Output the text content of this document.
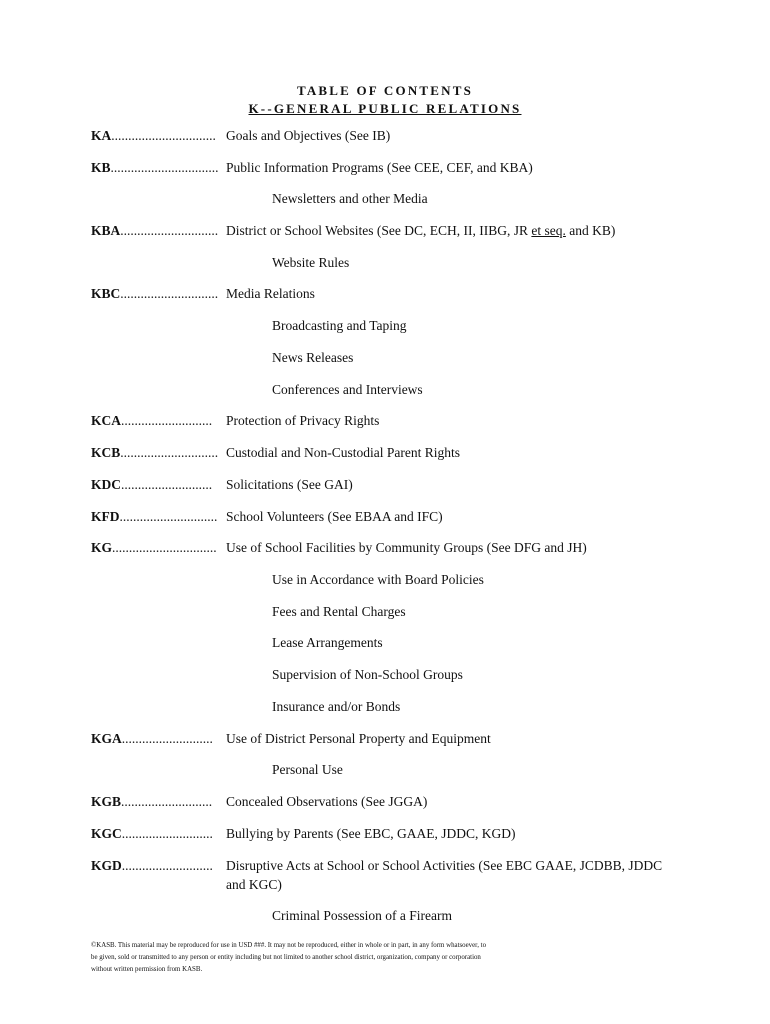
TABLE OF CONTENTS
K--GENERAL PUBLIC RELATIONS
KA............................... Goals and Objectives (See IB)
KB................................ Public Information Programs (See CEE, CEF, and KBA)
Newsletters and other Media
KBA............................. District or School Websites (See DC, ECH, II, IIBG, JR et seq. and KB)
Website Rules
KBC............................. Media Relations
Broadcasting and Taping
News Releases
Conferences and Interviews
KCA...........................	Protection of Privacy Rights
KCB............................. Custodial and Non-Custodial Parent Rights
KDC...........................	Solicitations (See GAI)
KFD............................. School Volunteers (See EBAA and IFC)
KG............................... Use of School Facilities by Community Groups (See DFG and JH)
Use in Accordance with Board Policies
Fees and Rental Charges
Lease Arrangements
Supervision of Non-School Groups
Insurance and/or Bonds
KGA........................... Use of District Personal Property and Equipment
Personal Use
KGB...........................	Concealed Observations (See JGGA)
KGC........................... Bullying by Parents (See EBC, GAAE, JDDC, KGD)
KGD........................... Disruptive Acts at School or School Activities (See EBC GAAE, JCDBB, JDDC
and KGC)
Criminal Possession of a Firearm
©KASB. This material may be reproduced for use in USD ###. It may not be reproduced, either in whole or in part, in any form whatsoever, to
be given, sold or transmitted to any person or entity including but not limited to another school district, organization, company or corporation
without written permission from KASB.
